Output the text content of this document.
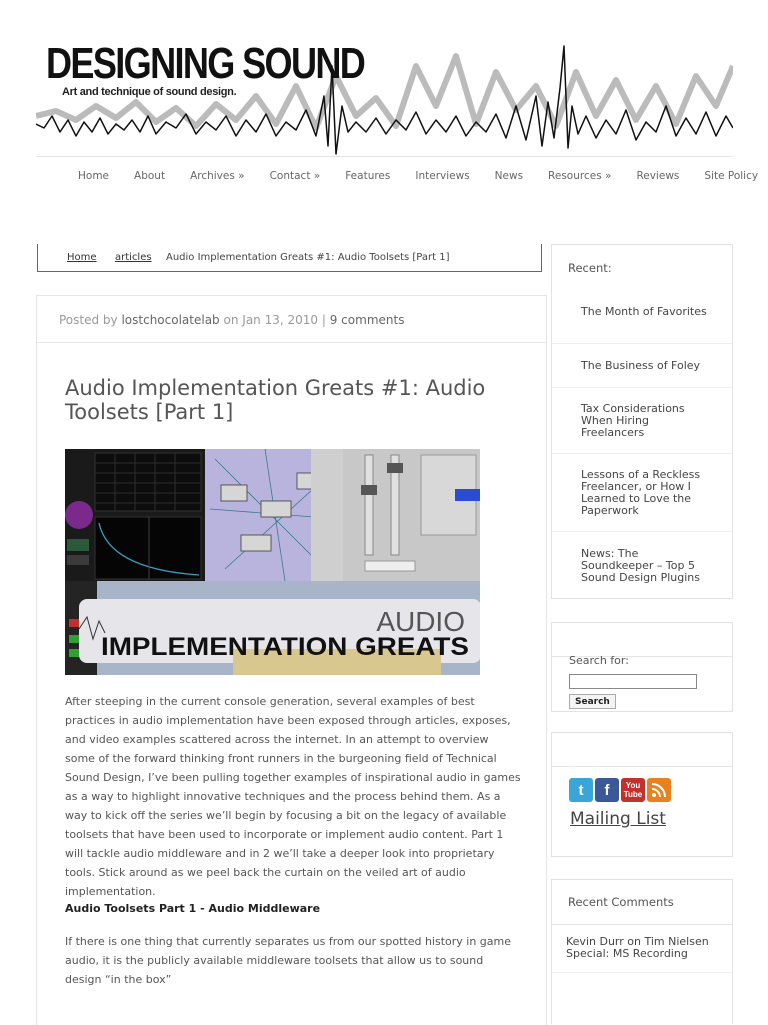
DESIGNING SOUND
Art and technique of sound design.
Home About Archives » Contact » Features Interviews News Resources » Reviews Site Policy
Home articles Audio Implementation Greats #1: Audio Toolsets [Part 1]
Posted by lostchocolatelab on Jan 13, 2010 | 9 comments
Audio Implementation Greats #1: Audio Toolsets [Part 1]
AUDIO
IMPLEMENTATION GREATS

After steeping in the current console generation, several examples of best practices in audio implementation have been exposed through articles, exposes, and video examples scattered across the internet. In an attempt to overview some of the forward thinking front runners in the burgeoning field of Technical Sound Design, I’ve been pulling together examples of inspirational audio in games as a way to highlight innovative techniques and the process behind them. As a way to kick off the series we’ll begin by focusing a bit on the legacy of available toolsets that have been used to incorporate or implement audio content. Part 1 will tackle audio middleware and in 2 we’ll take a deeper look into proprietary tools. Stick around as we peel back the curtain on the veiled art of audio implementation.

Audio Toolsets Part 1 - Audio Middleware

If there is one thing that currently separates us from our spotted history in game audio, it is the publicly available middleware toolsets that allow us to sound design “in the box”

Recent:
The Month of Favorites
The Business of Foley
Tax Considerations When Hiring Freelancers
Lessons of a Reckless Freelancer, or How I Learned to Love the Paperwork
News: The Soundkeeper – Top 5 Sound Design Plugins
Search for:
Search
t	f	You
Tube
Mailing List
Recent Comments
Kevin Durr on Tim Nielsen Special: MS Recording
